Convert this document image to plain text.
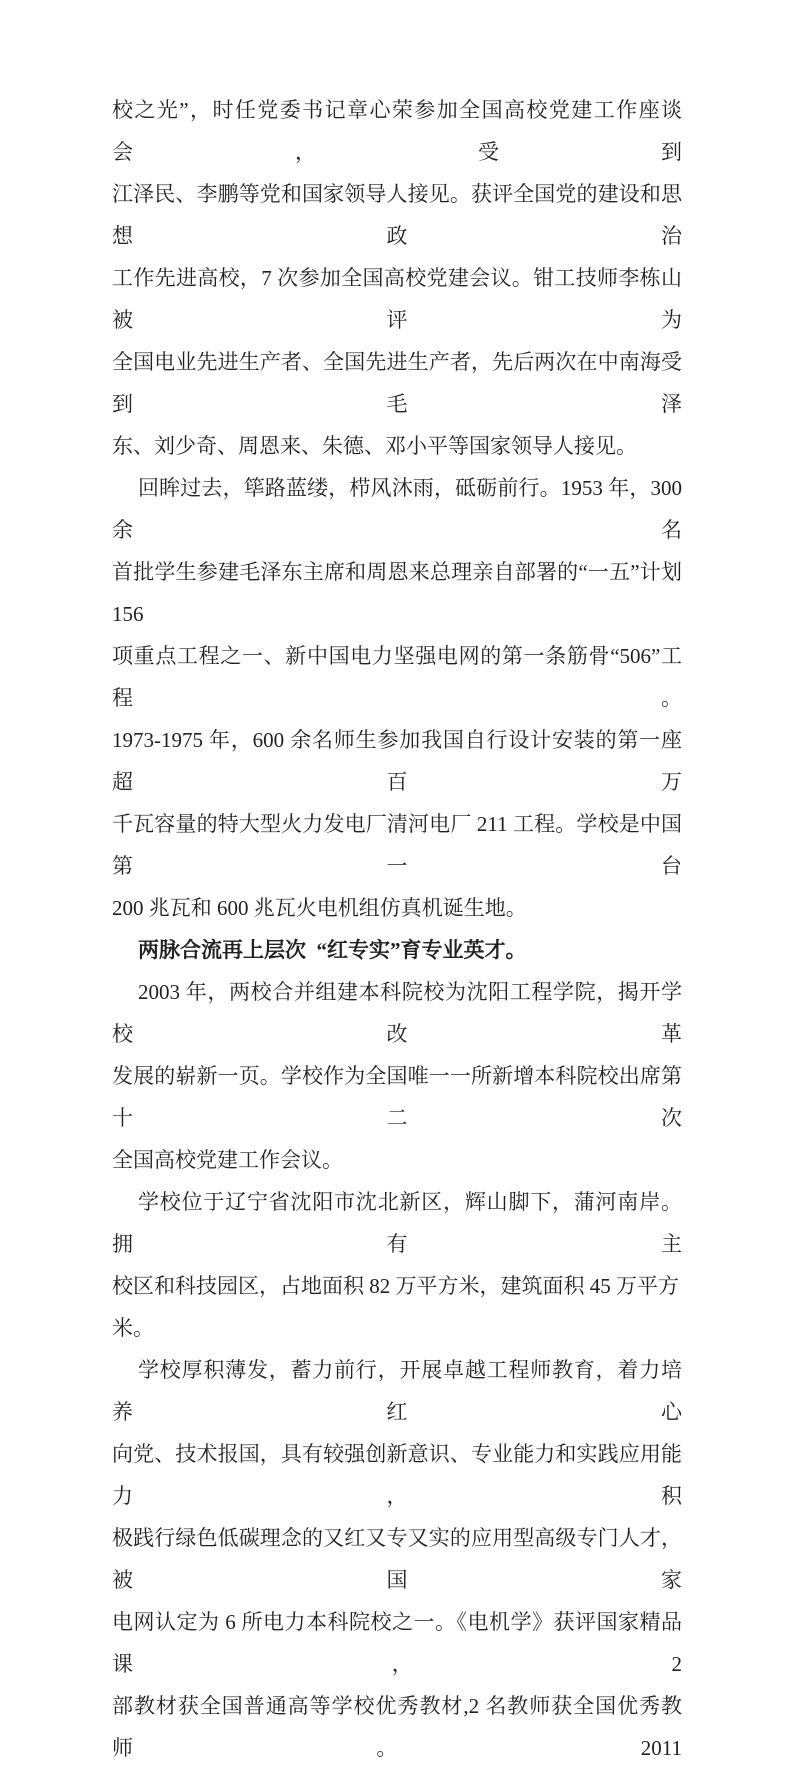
校之光”，时任党委书记章心荣参加全国高校党建工作座谈会，受到

江泽民、李鹏等党和国家领导人接见。获评全国党的建设和思想政治

工作先进高校，7 次参加全国高校党建会议。钳工技师李栋山被评为

全国电业先进生产者、全国先进生产者，先后两次在中南海受到毛泽

东、刘少奇、周恩来、朱德、邓小平等国家领导人接见。

回眸过去，筚路蓝缕，栉风沐雨，砥砺前行。1953 年，300 余名

首批学生参建毛泽东主席和周恩来总理亲自部署的“一五”计划 156

项重点工程之一、新中国电力坚强电网的第一条筋骨“506”工程。

1973-1975 年，600 余名师生参加我国自行设计安装的第一座超百万

千瓦容量的特大型火力发电厂清河电厂 211 工程。学校是中国第一台

200 兆瓦和 600 兆瓦火电机组仿真机诞生地。

两脉合流再上层次  “红专实”育专业英才。

2003 年，两校合并组建本科院校为沈阳工程学院，揭开学校改革

发展的崭新一页。学校作为全国唯一一所新增本科院校出席第十二次

全国高校党建工作会议。

学校位于辽宁省沈阳市沈北新区，辉山脚下，蒲河南岸。拥有主

校区和科技园区，占地面积 82 万平方米，建筑面积 45 万平方米。

学校厚积薄发，蓄力前行，开展卓越工程师教育，着力培养红心

向党、技术报国，具有较强创新意识、专业能力和实践应用能力，积

极践行绿色低碳理念的又红又专又实的应用型高级专门人才，被国家

电网认定为 6 所电力本科院校之一。《电机学》获评国家精品课，2

部教材获全国普通高等学校优秀教材,2 名教师获全国优秀教师。2011
